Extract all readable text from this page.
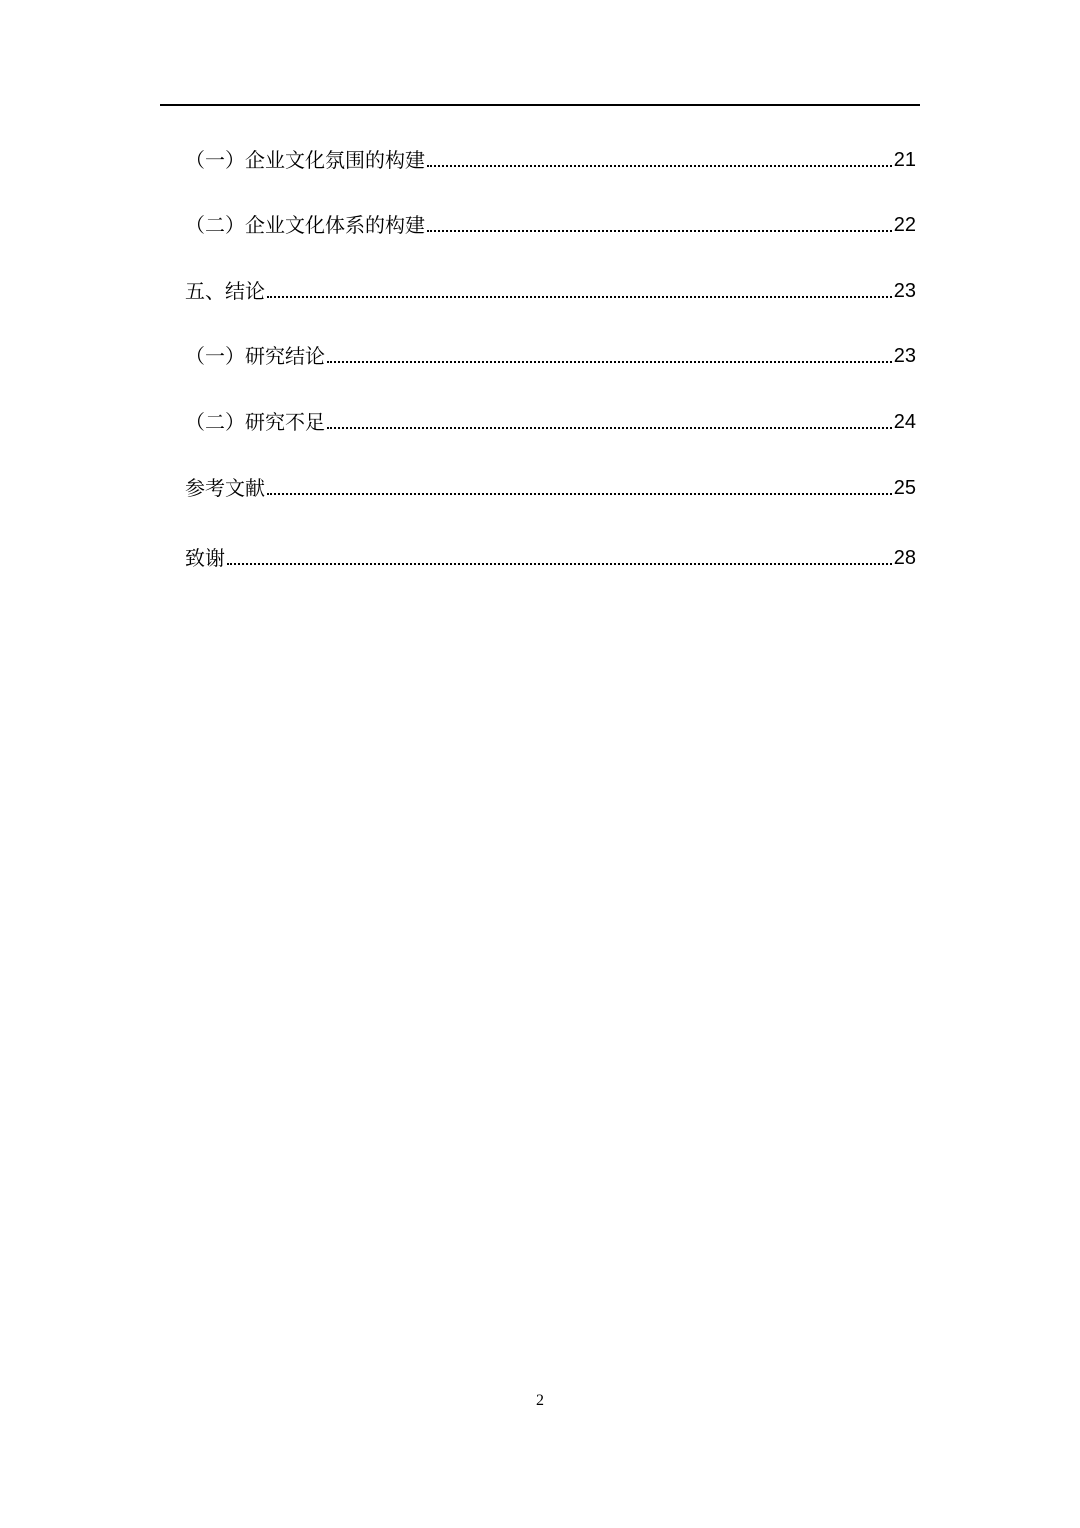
（一）企业文化氛围的构建	21
（二）企业文化体系的构建	22
五、结论	23
（一）研究结论	23
（二）研究不足	24
参考文献	25
致谢	28
2
